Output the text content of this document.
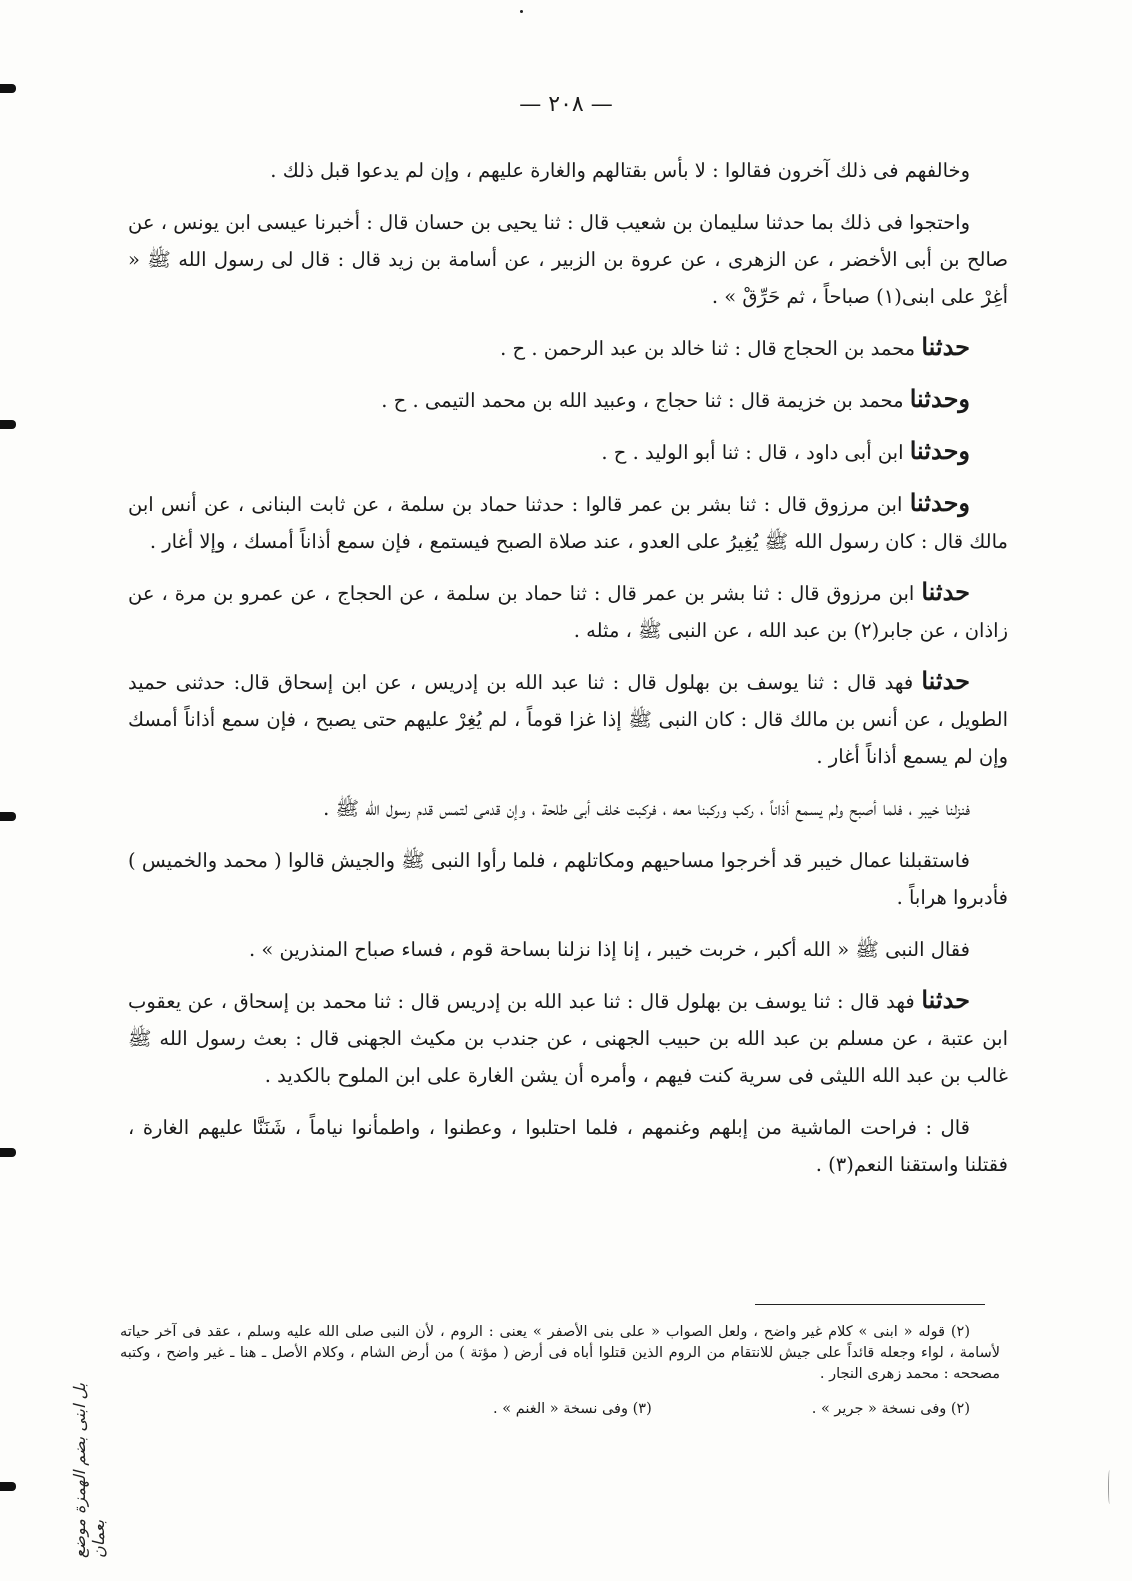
— ٢٠٨ —

وخالفهم فى ذلك آخرون فقالوا : لا بأس بقتالهم والغارة عليهم ، وإن لم يدعوا قبل ذلك .

واحتجوا فى ذلك بما حدثنا سليمان بن شعيب قال : ثنا يحيى بن حسان قال : أخبرنا عيسى ابن يونس ، عن صالح بن أبى الأخضر ، عن الزهرى ، عن عروة بن الزبير ، عن أسامة بن زيد قال : قال لى رسول الله ﷺ « أغِرْ على ابنى(١) صباحاً ، ثم حَرِّقْ » .

حدثنا محمد بن الحجاج قال : ثنا خالد بن عبد الرحمن . ح .

وحدثنا محمد بن خزيمة قال : ثنا حجاج ، وعبيد الله بن محمد التيمى . ح .

وحدثنا ابن أبى داود ، قال : ثنا أبو الوليد . ح .

وحدثنا ابن مرزوق قال : ثنا بشر بن عمر قالوا : حدثنا حماد بن سلمة ، عن ثابت البنانى ، عن أنس ابن مالك قال : كان رسول الله ﷺ يُغِيرُ على العدو ، عند صلاة الصبح فيستمع ، فإن سمع أذاناً أمسك ، وإلا أغار .

حدثنا ابن مرزوق قال : ثنا بشر بن عمر قال : ثنا حماد بن سلمة ، عن الحجاج ، عن عمرو بن مرة ، عن زاذان ، عن جابر(٢) بن عبد الله ، عن النبى ﷺ ، مثله .

حدثنا فهد قال : ثنا يوسف بن بهلول قال : ثنا عبد الله بن إدريس ، عن ابن إسحاق قال: حدثنى حميد الطويل ، عن أنس بن مالك قال : كان النبى ﷺ إذا غزا قوماً ، لم يُغِرْ عليهم حتى يصبح ، فإن سمع أذاناً أمسك وإن لم يسمع أذاناً أغار .

فنزلنا خيبر ، فلما أصبح ولم يسمع أذاناً ، ركب وركبنا معه ، فركبت خلف أبى طلحة ، وإن قدمى لتمس قدم رسول الله ﷺ .

فاستقبلنا عمال خيبر قد أخرجوا مساحيهم ومكاتلهم ، فلما رأوا النبى ﷺ والجيش قالوا ( محمد والخميس ) فأدبروا هراباً .

فقال النبى ﷺ « الله أكبر ، خربت خيبر ، إنا إذا نزلنا بساحة قوم ، فساء صباح المنذرين » .

حدثنا فهد قال : ثنا يوسف بن بهلول قال : ثنا عبد الله بن إدريس قال : ثنا محمد بن إسحاق ، عن يعقوب ابن عتبة ، عن مسلم بن عبد الله بن حبيب الجهنى ، عن جندب بن مكيث الجهنى قال : بعث رسول الله ﷺ غالب بن عبد الله الليثى فى سرية كنت فيهم ، وأمره أن يشن الغارة على ابن الملوح بالكديد .

قال : فراحت الماشية من إبلهم وغنمهم ، فلما احتلبوا ، وعطنوا ، واطمأنوا نياماً ، شَنَنَّا عليهم الغارة ، فقتلنا واستقنا النعم(٣) .

(٢) قوله « ابنى » كلام غير واضح ، ولعل الصواب « على بنى الأصفر » يعنى : الروم ، لأن النبى صلى الله عليه وسلم ، عقد فى آخر حياته لأسامة ، لواء وجعله قائداً على جيش للانتقام من الروم الذين قتلوا أباه فى أرض ( مؤتة ) من أرض الشام ، وكلام الأصل ـ هنا ـ غير واضح ، وكتبه مصححه : محمد زهرى النجار .

(٢) وفى نسخة « جرير » .
(٣) وفى نسخة « الغنم » .
بل ابنى بضم الهمزة موضع بعمان
